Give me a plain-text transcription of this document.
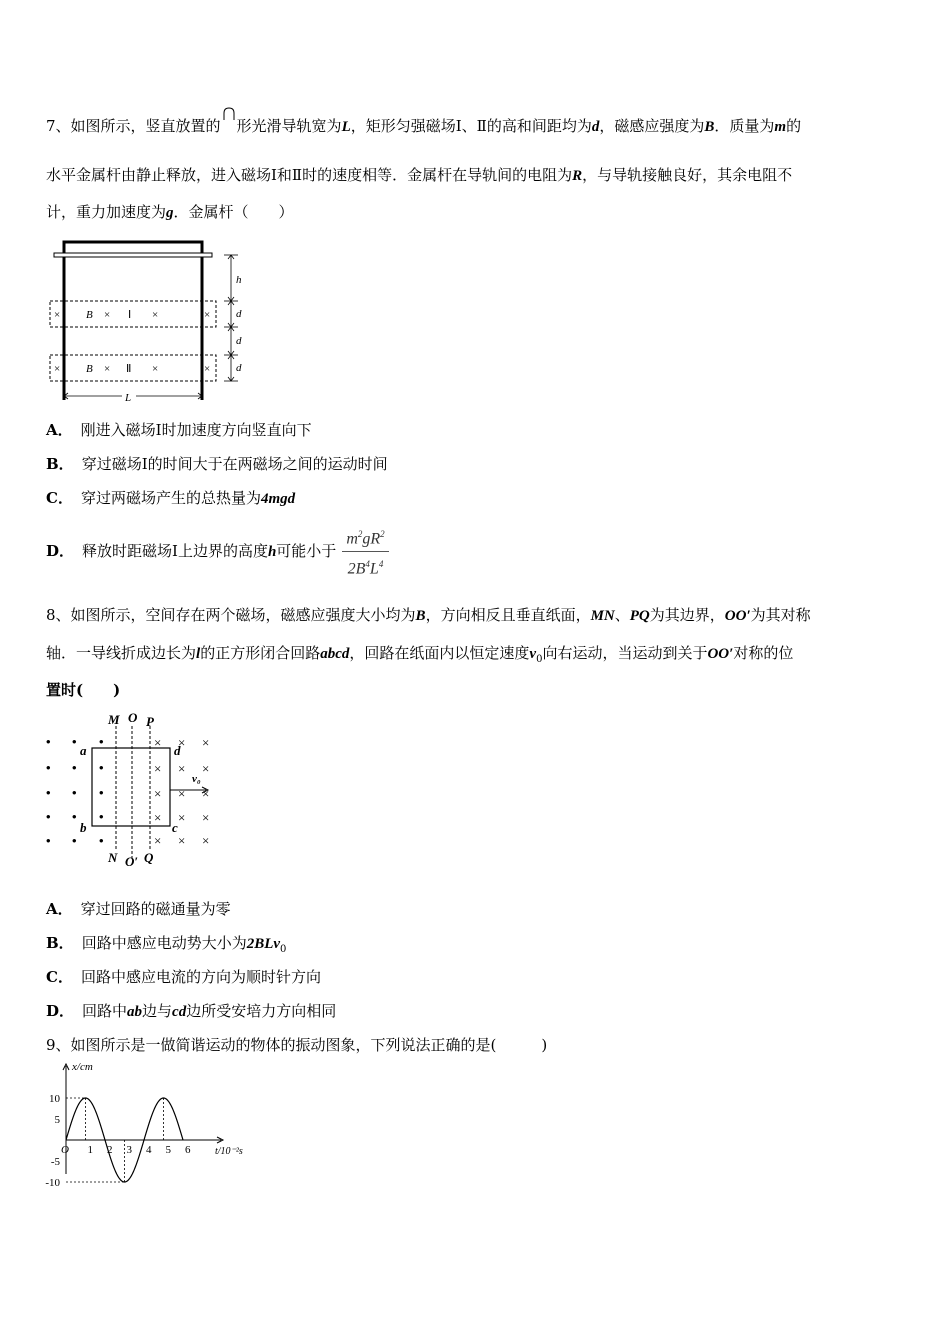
7、如图所示，竖直放置的 形光滑导轨宽为L，矩形匀强磁场Ⅰ、Ⅱ的高和间距均为d，磁感应强度为B．质量为m的
水平金属杆由静止释放，进入磁场Ⅰ和Ⅱ时的速度相等．金属杆在导轨间的电阻为R，与导轨接触良好，其余电阻不
计，重力加速度为g．金属杆（　　）
× B × Ⅰ ×	×
× B × Ⅱ ×	×
h
d
d
d
L
A． 刚进入磁场Ⅰ时加速度方向竖直向下
B． 穿过磁场Ⅰ的时间大于在两磁场之间的运动时间
C． 穿过两磁场产生的总热量为4mgd
D． 释放时距磁场Ⅰ上边界的高度h可能小于 $\frac{m^2gR^2}{2B^4L^4}$
8、如图所示，空间存在两个磁场，磁感应强度大小均为B，方向相反且垂直纸面，MN、PQ为其边界，OO′为其对称
轴．一导线折成边长为l的正方形闭合回路abcd，回路在纸面内以恒定速度$v_0$向右运动，当运动到关于OO′对称的位
置时(　　)
• • •
• • •
• • •
• • •
• • •
× × ×
× × ×
× × ×
× × ×
× × ×
v₀
M O P
N O′ Q
a
b	c
d
A． 穿过回路的磁通量为零
B． 回路中感应电动势大小为2BLv$_0$
C． 回路中感应电流的方向为顺时针方向
D． 回路中ab边与cd边所受安培力方向相同
9、如图所示是一做简谐运动的物体的振动图象，下列说法正确的是(　　　)
O 1 2 3 4 5 6
10
5
-5
-10
x/cm
t/10⁻²s
